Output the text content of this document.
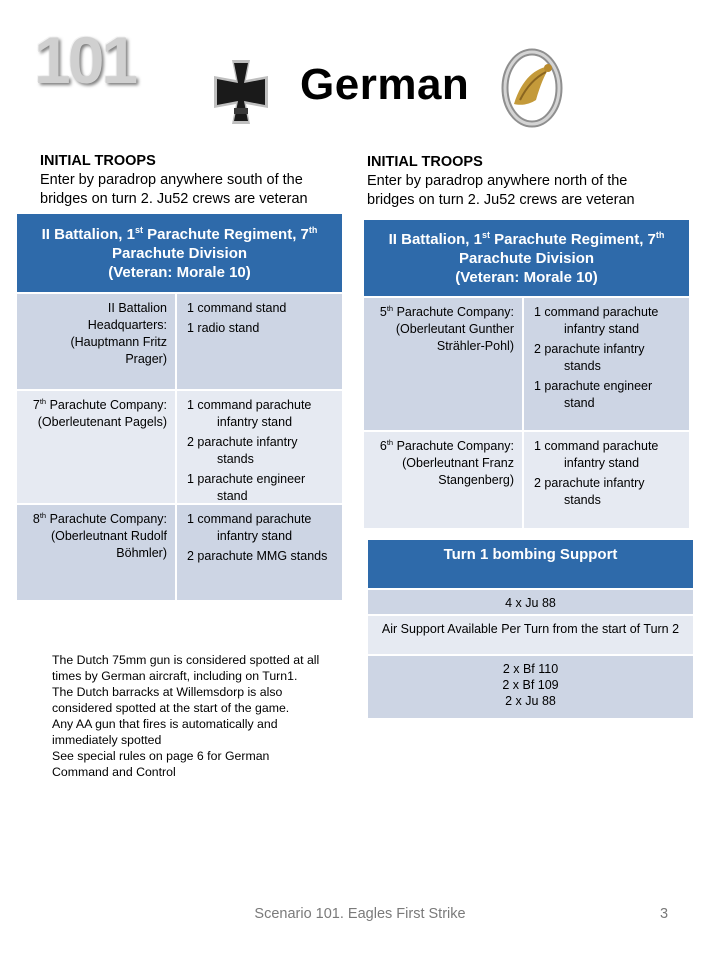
101	German
INITIAL TROOPS
Enter by paradrop anywhere south of the bridges on turn 2. Ju52 crews are veteran
INITIAL TROOPS
Enter by paradrop anywhere north of the bridges on turn 2. Ju52 crews are veteran
II Battalion, 1st Parachute Regiment, 7th
Parachute Division
(Veteran: Morale 10)
II Battalion Headquarters: (Hauptmann Fritz Prager)
1 command stand
1 radio stand
7th Parachute Company: (Oberleutenant Pagels)
1 command parachute infantry stand
2 parachute infantry stands
1 parachute engineer stand
8th Parachute Company: (Oberleutnant Rudolf Böhmler)
1 command parachute infantry stand
2 parachute MMG stands
II Battalion, 1st Parachute Regiment, 7th
Parachute Division
(Veteran: Morale 10)
5th Parachute Company: (Oberleutant Gunther Strähler-Pohl)
1 command parachute infantry stand
2 parachute infantry stands
1 parachute engineer stand
6th Parachute Company: (Oberleutnant Franz Stangenberg)
1 command parachute infantry stand
2 parachute infantry stands
Turn 1 bombing Support
4 x Ju 88
Air Support Available Per Turn from the start of Turn 2
2 x Bf 110
2 x Bf 109
2 x Ju 88
The Dutch 75mm gun is considered spotted at all times by German aircraft, including on Turn1.
The Dutch barracks at Willemsdorp is also considered spotted at the start of the game.
Any AA gun that fires is automatically and immediately spotted
See special rules on page 6 for German Command and Control
Scenario 101. Eagles First Strike	3
